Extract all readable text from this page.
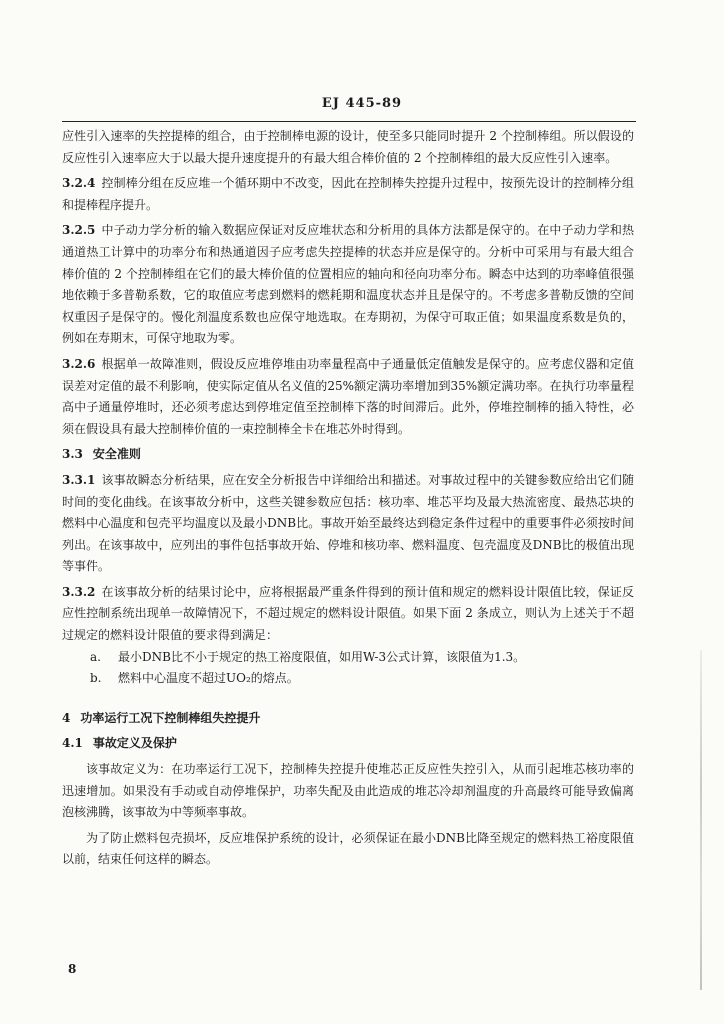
EJ 445-89

应性引入速率的失控提棒的组合，由于控制棒电源的设计，使至多只能同时提升 2 个控制棒组。所以假设的反应性引入速率应大于以最大提升速度提升的有最大组合棒价值的 2 个控制棒组的最大反应性引入速率。

3.2.4 控制棒分组在反应堆一个循环期中不改变，因此在控制棒失控提升过程中，按预先设计的控制棒分组和提棒程序提升。

3.2.5 中子动力学分析的输入数据应保证对反应堆状态和分析用的具体方法都是保守的。在中子动力学和热通道热工计算中的功率分布和热通道因子应考虑失控提棒的状态并应是保守的。分析中可采用与有最大组合棒价值的 2 个控制棒组在它们的最大棒价值的位置相应的轴向和径向功率分布。瞬态中达到的功率峰值很强地依赖于多普勒系数，它的取值应考虑到燃料的燃耗期和温度状态并且是保守的。不考虑多普勒反馈的空间权重因子是保守的。慢化剂温度系数也应保守地选取。在寿期初，为保守可取正值；如果温度系数是负的，例如在寿期末，可保守地取为零。

3.2.6 根据单一故障准则，假设反应堆停堆由功率量程高中子通量低定值触发是保守的。应考虑仪器和定值误差对定值的最不利影响，使实际定值从名义值的25%额定满功率增加到35%额定满功率。在执行功率量程高中子通量停堆时，还必须考虑达到停堆定值至控制棒下落的时间滞后。此外，停堆控制棒的插入特性，必须在假设具有最大控制棒价值的一束控制棒全卡在堆芯外时得到。

3.3 安全准则

3.3.1 该事故瞬态分析结果，应在安全分析报告中详细给出和描述。对事故过程中的关键参数应给出它们随时间的变化曲线。在该事故分析中，这些关键参数应包括：核功率、堆芯平均及最大热流密度、最热芯块的燃料中心温度和包壳平均温度以及最小DNB比。事故开始至最终达到稳定条件过程中的重要事件必须按时间列出。在该事故中，应列出的事件包括事故开始、停堆和核功率、燃料温度、包壳温度及DNB比的极值出现等事件。

3.3.2 在该事故分析的结果讨论中，应将根据最严重条件得到的预计值和规定的燃料设计限值比较，保证反应性控制系统出现单一故障情况下，不超过规定的燃料设计限值。如果下面 2 条成立，则认为上述关于不超过规定的燃料设计限值的要求得到满足：

a. 最小DNB比不小于规定的热工裕度限值，如用W-3公式计算，该限值为1.3。

b. 燃料中心温度不超过UO₂的熔点。

4 功率运行工况下控制棒组失控提升

4.1 事故定义及保护

该事故定义为：在功率运行工况下，控制棒失控提升使堆芯正反应性失控引入，从而引起堆芯核功率的迅速增加。如果没有手动或自动停堆保护，功率失配及由此造成的堆芯冷却剂温度的升高最终可能导致偏离泡核沸腾，该事故为中等频率事故。

为了防止燃料包壳损坏，反应堆保护系统的设计，必须保证在最小DNB比降至规定的燃料热工裕度限值以前，结束任何这样的瞬态。

8
